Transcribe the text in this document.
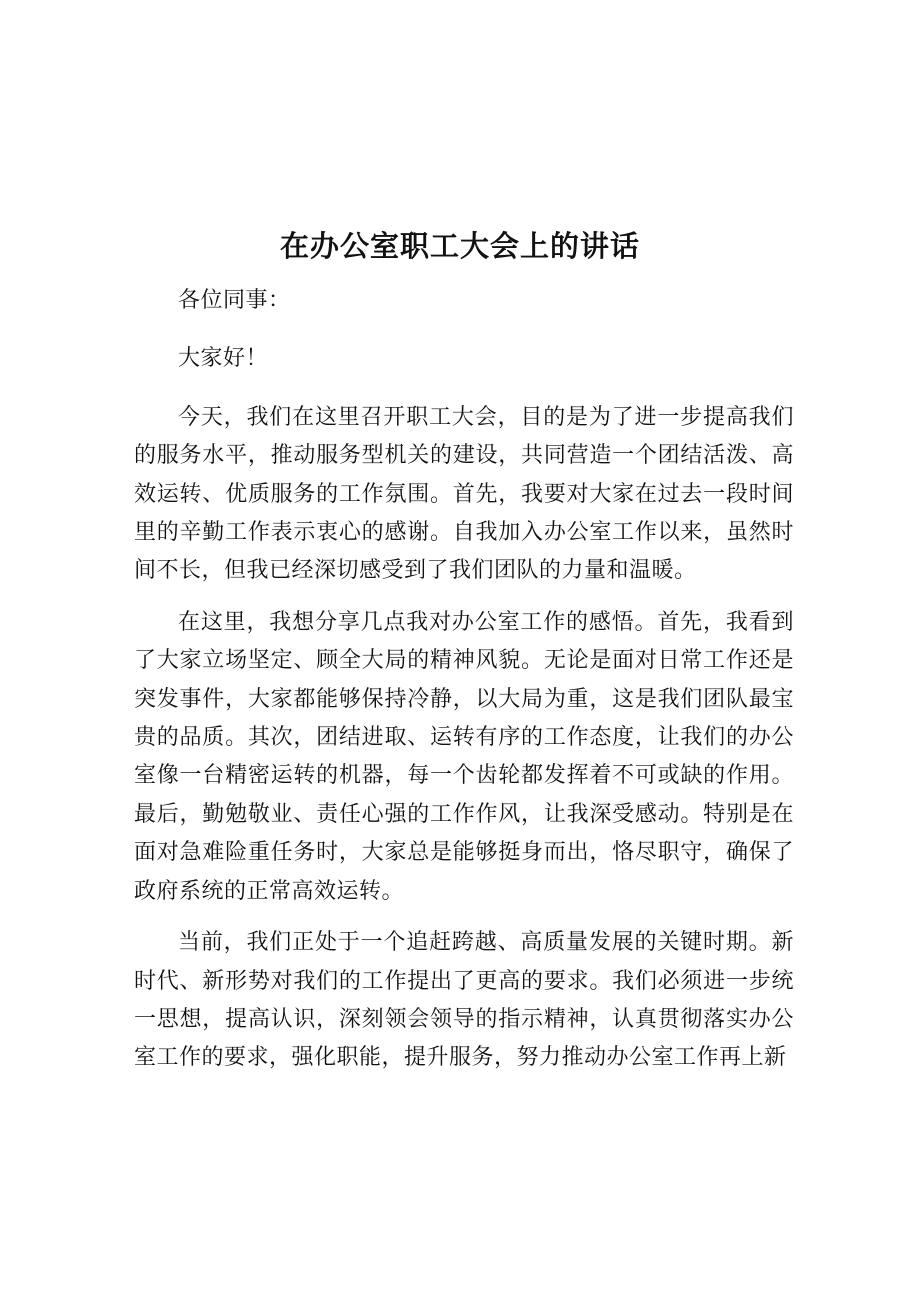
在办公室职工大会上的讲话

各位同事：

大家好！

今天，我们在这里召开职工大会，目的是为了进一步提高我们的服务水平，推动服务型机关的建设，共同营造一个团结活泼、高效运转、优质服务的工作氛围。首先，我要对大家在过去一段时间里的辛勤工作表示衷心的感谢。自我加入办公室工作以来，虽然时间不长，但我已经深切感受到了我们团队的力量和温暖。

在这里，我想分享几点我对办公室工作的感悟。首先，我看到了大家立场坚定、顾全大局的精神风貌。无论是面对日常工作还是突发事件，大家都能够保持冷静，以大局为重，这是我们团队最宝贵的品质。其次，团结进取、运转有序的工作态度，让我们的办公室像一台精密运转的机器，每一个齿轮都发挥着不可或缺的作用。最后，勤勉敬业、责任心强的工作作风，让我深受感动。特别是在面对急难险重任务时，大家总是能够挺身而出，恪尽职守，确保了政府系统的正常高效运转。

当前，我们正处于一个追赶跨越、高质量发展的关键时期。新时代、新形势对我们的工作提出了更高的要求。我们必须进一步统一思想，提高认识，深刻领会领导的指示精神，认真贯彻落实办公室工作的要求，强化职能，提升服务，努力推动办公室工作再上新
